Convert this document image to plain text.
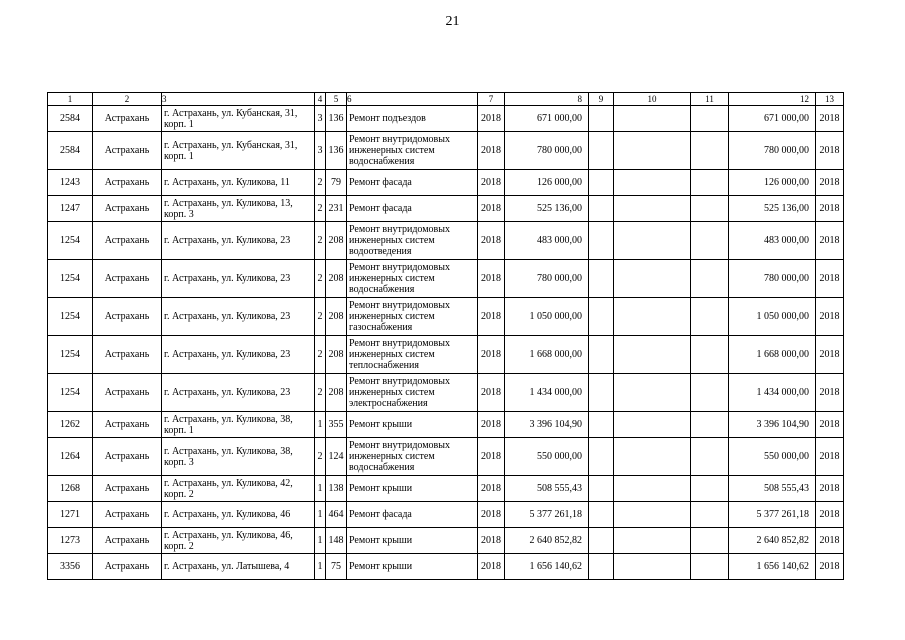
21
1	2	3	4	5	6	7	8	9	10	11	12	13
2584	Астрахань	г. Астрахань, ул. Кубанская, 31, корп. 1	3	136	Ремонт подъездов	2018	671 000,00				671 000,00	2018
2584	Астрахань	г. Астрахань, ул. Кубанская, 31, корп. 1	3	136	Ремонт внутридомовых инженерных систем водоснабжения	2018	780 000,00				780 000,00	2018
1243	Астрахань	г. Астрахань, ул. Куликова, 11	2	79	Ремонт фасада	2018	126 000,00				126 000,00	2018
1247	Астрахань	г. Астрахань, ул. Куликова, 13, корп. 3	2	231	Ремонт фасада	2018	525 136,00				525 136,00	2018
1254	Астрахань	г. Астрахань, ул. Куликова, 23	2	208	Ремонт внутридомовых инженерных систем водоотведения	2018	483 000,00				483 000,00	2018
1254	Астрахань	г. Астрахань, ул. Куликова, 23	2	208	Ремонт внутридомовых инженерных систем водоснабжения	2018	780 000,00				780 000,00	2018
1254	Астрахань	г. Астрахань, ул. Куликова, 23	2	208	Ремонт внутридомовых инженерных систем газоснабжения	2018	1 050 000,00				1 050 000,00	2018
1254	Астрахань	г. Астрахань, ул. Куликова, 23	2	208	Ремонт внутридомовых инженерных систем теплоснабжения	2018	1 668 000,00				1 668 000,00	2018
1254	Астрахань	г. Астрахань, ул. Куликова, 23	2	208	Ремонт внутридомовых инженерных систем электроснабжения	2018	1 434 000,00				1 434 000,00	2018
1262	Астрахань	г. Астрахань, ул. Куликова, 38, корп. 1	1	355	Ремонт крыши	2018	3 396 104,90				3 396 104,90	2018
1264	Астрахань	г. Астрахань, ул. Куликова, 38, корп. 3	2	124	Ремонт внутридомовых инженерных систем водоснабжения	2018	550 000,00				550 000,00	2018
1268	Астрахань	г. Астрахань, ул. Куликова, 42, корп. 2	1	138	Ремонт крыши	2018	508 555,43				508 555,43	2018
1271	Астрахань	г. Астрахань, ул. Куликова, 46	1	464	Ремонт фасада	2018	5 377 261,18				5 377 261,18	2018
1273	Астрахань	г. Астрахань, ул. Куликова, 46, корп. 2	1	148	Ремонт крыши	2018	2 640 852,82				2 640 852,82	2018
3356	Астрахань	г. Астрахань, ул. Латышева, 4	1	75	Ремонт крыши	2018	1 656 140,62				1 656 140,62	2018
